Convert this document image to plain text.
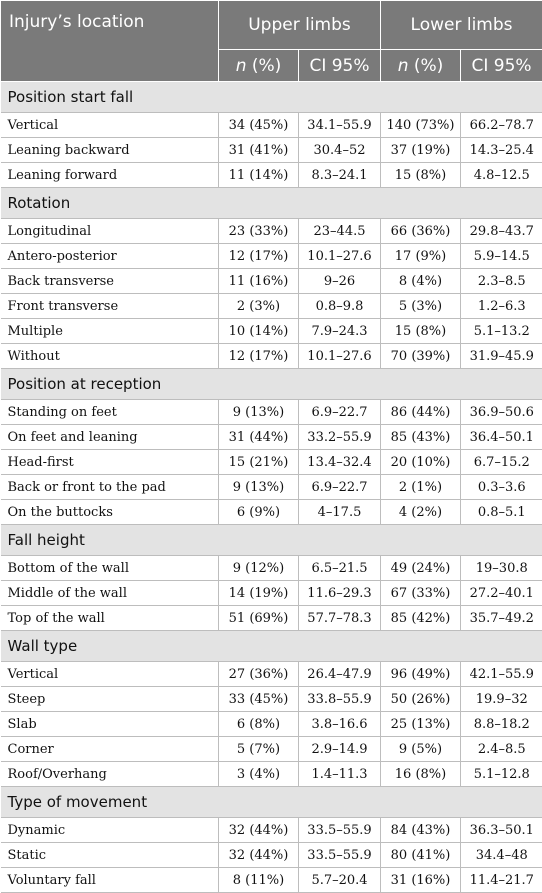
Injury’s location	Upper limbs		Lower limbs	
	n (%)	CI 95%	n (%)	CI 95%
Position start fall				
Vertical	34 (45%)	34.1–55.9	140 (73%)	66.2–78.7
Leaning backward	31 (41%)	30.4–52	37 (19%)	14.3–25.4
Leaning forward	11 (14%)	8.3–24.1	15 (8%)	4.8–12.5
Rotation				
Longitudinal	23 (33%)	23–44.5	66 (36%)	29.8–43.7
Antero-posterior	12 (17%)	10.1–27.6	17 (9%)	5.9–14.5
Back transverse	11 (16%)	9–26	8 (4%)	2.3–8.5
Front transverse	2 (3%)	0.8–9.8	5 (3%)	1.2–6.3
Multiple	10 (14%)	7.9–24.3	15 (8%)	5.1–13.2
Without	12 (17%)	10.1–27.6	70 (39%)	31.9–45.9
Position at reception				
Standing on feet	9 (13%)	6.9–22.7	86 (44%)	36.9–50.6
On feet and leaning	31 (44%)	33.2–55.9	85 (43%)	36.4–50.1
Head-first	15 (21%)	13.4–32.4	20 (10%)	6.7–15.2
Back or front to the pad	9 (13%)	6.9–22.7	2 (1%)	0.3–3.6
On the buttocks	6 (9%)	4–17.5	4 (2%)	0.8–5.1
Fall height				
Bottom of the wall	9 (12%)	6.5–21.5	49 (24%)	19–30.8
Middle of the wall	14 (19%)	11.6–29.3	67 (33%)	27.2–40.1
Top of the wall	51 (69%)	57.7–78.3	85 (42%)	35.7–49.2
Wall type				
Vertical	27 (36%)	26.4–47.9	96 (49%)	42.1–55.9
Steep	33 (45%)	33.8–55.9	50 (26%)	19.9–32
Slab	6 (8%)	3.8–16.6	25 (13%)	8.8–18.2
Corner	5 (7%)	2.9–14.9	9 (5%)	2.4–8.5
Roof/Overhang	3 (4%)	1.4–11.3	16 (8%)	5.1–12.8
Type of movement				
Dynamic	32 (44%)	33.5–55.9	84 (43%)	36.3–50.1
Static	32 (44%)	33.5–55.9	80 (41%)	34.4–48
Voluntary fall	8 (11%)	5.7–20.4	31 (16%)	11.4–21.7
